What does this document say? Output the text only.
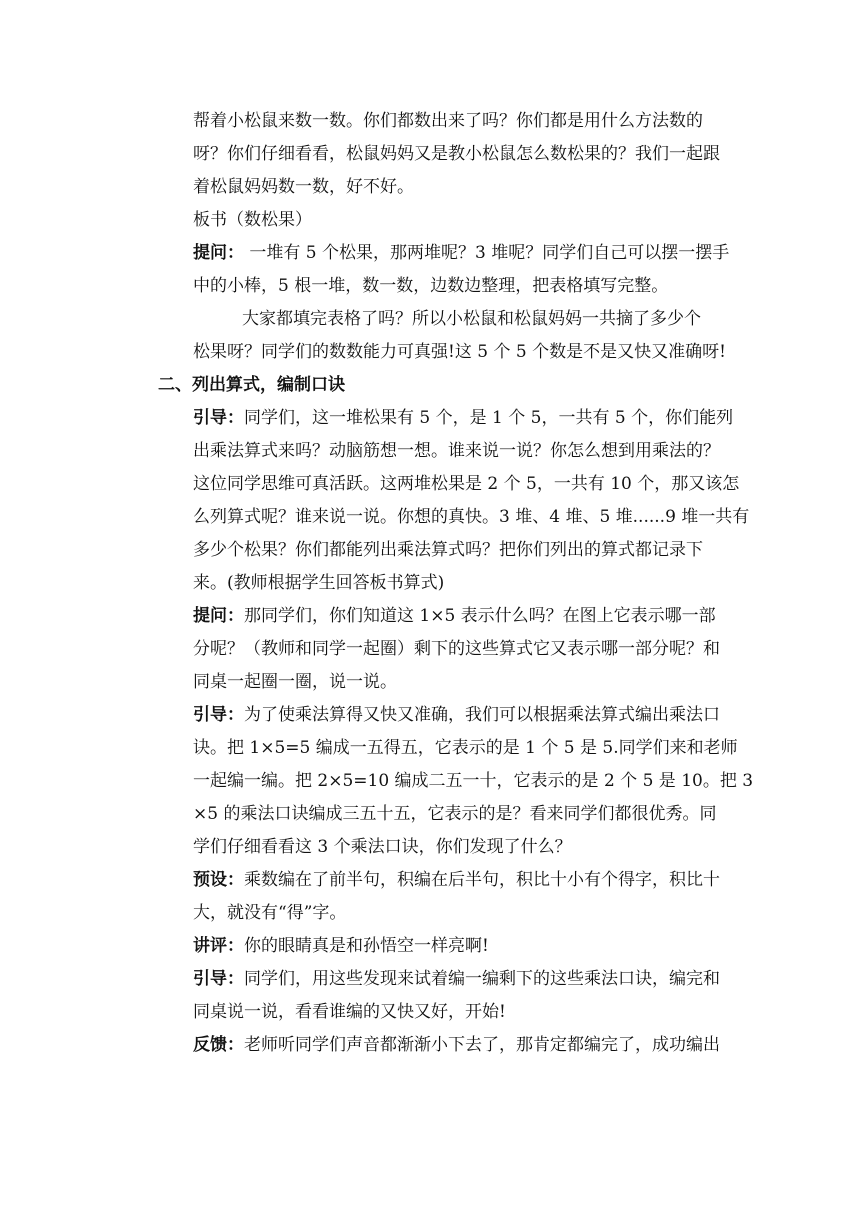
帮着小松鼠来数一数。你们都数出来了吗？你们都是用什么方法数的
呀？你们仔细看看，松鼠妈妈又是教小松鼠怎么数松果的？我们一起跟
着松鼠妈妈数一数，好不好。
板书（数松果）
提问： 一堆有 5 个松果，那两堆呢？3 堆呢？同学们自己可以摆一摆手
中的小棒，5 根一堆，数一数，边数边整理，把表格填写完整。
大家都填完表格了吗？所以小松鼠和松鼠妈妈一共摘了多少个
松果呀？同学们的数数能力可真强!这 5 个 5 个数是不是又快又准确呀!
二、列出算式，编制口诀
引导：同学们，这一堆松果有 5 个，是 1 个 5，一共有 5 个，你们能列
出乘法算式来吗？动脑筋想一想。谁来说一说？你怎么想到用乘法的？
这位同学思维可真活跃。这两堆松果是 2 个 5，一共有 10 个，那又该怎
么列算式呢？谁来说一说。你想的真快。3 堆、4 堆、5 堆......9 堆一共有
多少个松果？你们都能列出乘法算式吗？把你们列出的算式都记录下
来。(教师根据学生回答板书算式)
提问：那同学们，你们知道这 1×5 表示什么吗？在图上它表示哪一部
分呢？（教师和同学一起圈）剩下的这些算式它又表示哪一部分呢？和
同桌一起圈一圈，说一说。
引导：为了使乘法算得又快又准确，我们可以根据乘法算式编出乘法口
诀。把 1×5=5 编成一五得五，它表示的是 1 个 5 是 5.同学们来和老师
一起编一编。把 2×5=10 编成二五一十，它表示的是 2 个 5 是 10。把 3
×5 的乘法口诀编成三五十五，它表示的是？看来同学们都很优秀。同
学们仔细看看这 3 个乘法口诀，你们发现了什么？
预设：乘数编在了前半句，积编在后半句，积比十小有个得字，积比十
大，就没有“得”字。
讲评：你的眼睛真是和孙悟空一样亮啊!
引导：同学们，用这些发现来试着编一编剩下的这些乘法口诀，编完和
同桌说一说，看看谁编的又快又好，开始!
反馈：老师听同学们声音都渐渐小下去了，那肯定都编完了，成功编出
